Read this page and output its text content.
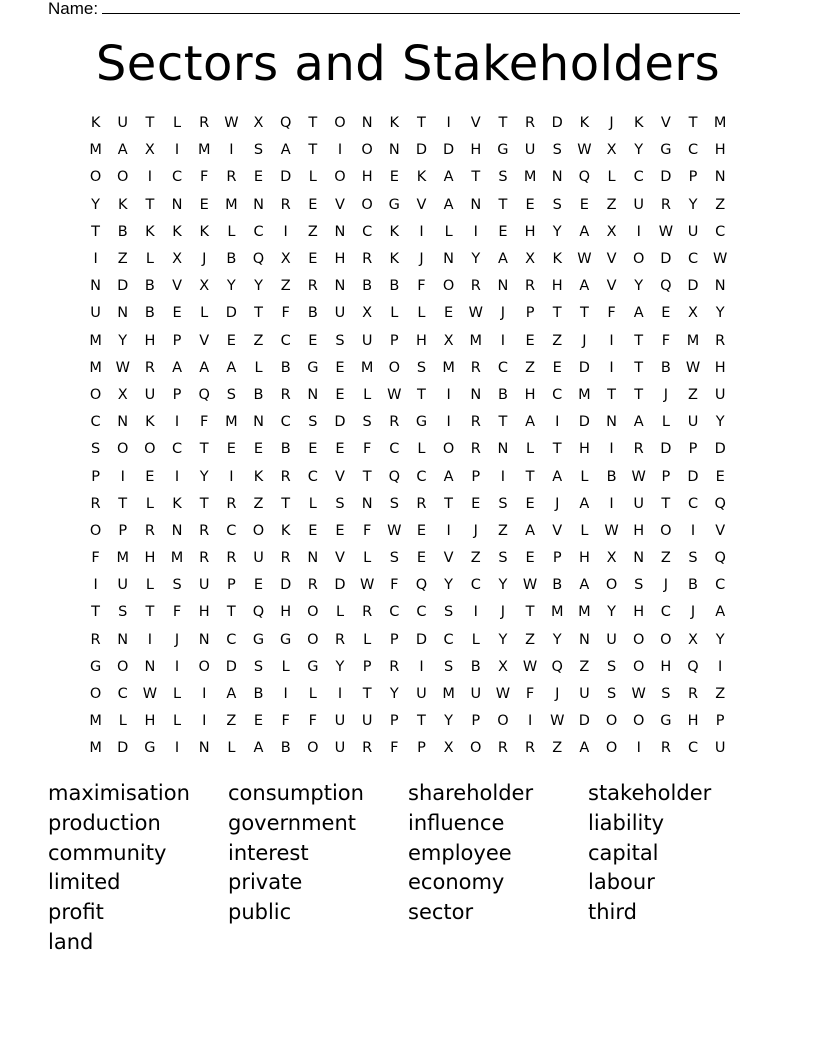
Name:
Sectors and Stakeholders
K	U	T	L	R	W	X	Q	T	O	N	K	T	I	V	T	R	D	K	J	K	V	T	M
M	A	X	I	M	I	S	A	T	I	O	N	D	D	H	G	U	S	W	X	Y	G	C	H
O	O	I	C	F	R	E	D	L	O	H	E	K	A	T	S	M	N	Q	L	C	D	P	N
Y	K	T	N	E	M	N	R	E	V	O	G	V	A	N	T	E	S	E	Z	U	R	Y	Z
T	B	K	K	K	L	C	I	Z	N	C	K	I	L	I	E	H	Y	A	X	I	W	U	C
I	Z	L	X	J	B	Q	X	E	H	R	K	J	N	Y	A	X	K	W	V	O	D	C	W
N	D	B	V	X	Y	Y	Z	R	N	B	B	F	O	R	N	R	H	A	V	Y	Q	D	N
U	N	B	E	L	D	T	F	B	U	X	L	L	E	W	J	P	T	T	F	A	E	X	Y
M	Y	H	P	V	E	Z	C	E	S	U	P	H	X	M	I	E	Z	J	I	T	F	M	R
M W	R	A	A	A	L	B	G	E	M	O	S	M	R	C	Z	E	D	I	T	B	W	H
O	X	U	P	Q	S	B	R	N	E	L	W	T	I	N	B	H	C	M	T	T	J	Z	U
C	N	K	I	F	M	N	C	S	D	S	R	G	I	R	T	A	I	D	N	A	L	U	Y
S	O	O	C	T	E	E	B	E	E	F	C	L	O	R	N	L	T	H	I	R	D	P	D
P	I	E	I	Y	I	K	R	C	V	T	Q	C	A	P	I	T	A	L	B	W	P	D	E
R	T	L	K	T	R	Z	T	L	S	N	S	R	T	E	S	E	J	A	I	U	T	C	Q
O	P	R	N	R	C	O	K	E	E	F	W	E	I	J	Z	A	V	L	W	H	O	I	V
F	M	H	M	R	R	U	R	N	V	L	S	E	V	Z	S	E	P	H	X	N	Z	S	Q
I	U	L	S	U	P	E	D	R	D W	F	Q	Y	C	Y	W	B	A	O	S	J	B	C
T	S	T	F	H	T	Q	H	O	L	R	C	C	S	I	J	T	M	M	Y	H	C	J	A
R	N	I	J	N	C	G	G	O	R	L	P	D	C	L	Y	Z	Y	N	U	O	O	X	Y
G	O	N	I	O	D	S	L	G	Y	P	R	I	S	B	X	W Q	Z	S	O	H	Q	I
O	C	W	L	I	A	B	I	L	I	T	Y	U	M	U	W	F	J	U	S	W	S	R	Z
M	L	H	L	I	Z	E	F	F	U	U	P	T	Y	P	O	I	W D	O	O	G	H	P
M	D	G	I	N	L	A	B	O	U	R	F	P	X	O	R	R	Z	A	O	I	R	C	U
maximisation	consumption	shareholder	stakeholder
production	government	influence	liability
community	interest	employee	capital
limited	private	economy	labour
profit	public	sector	third
land
